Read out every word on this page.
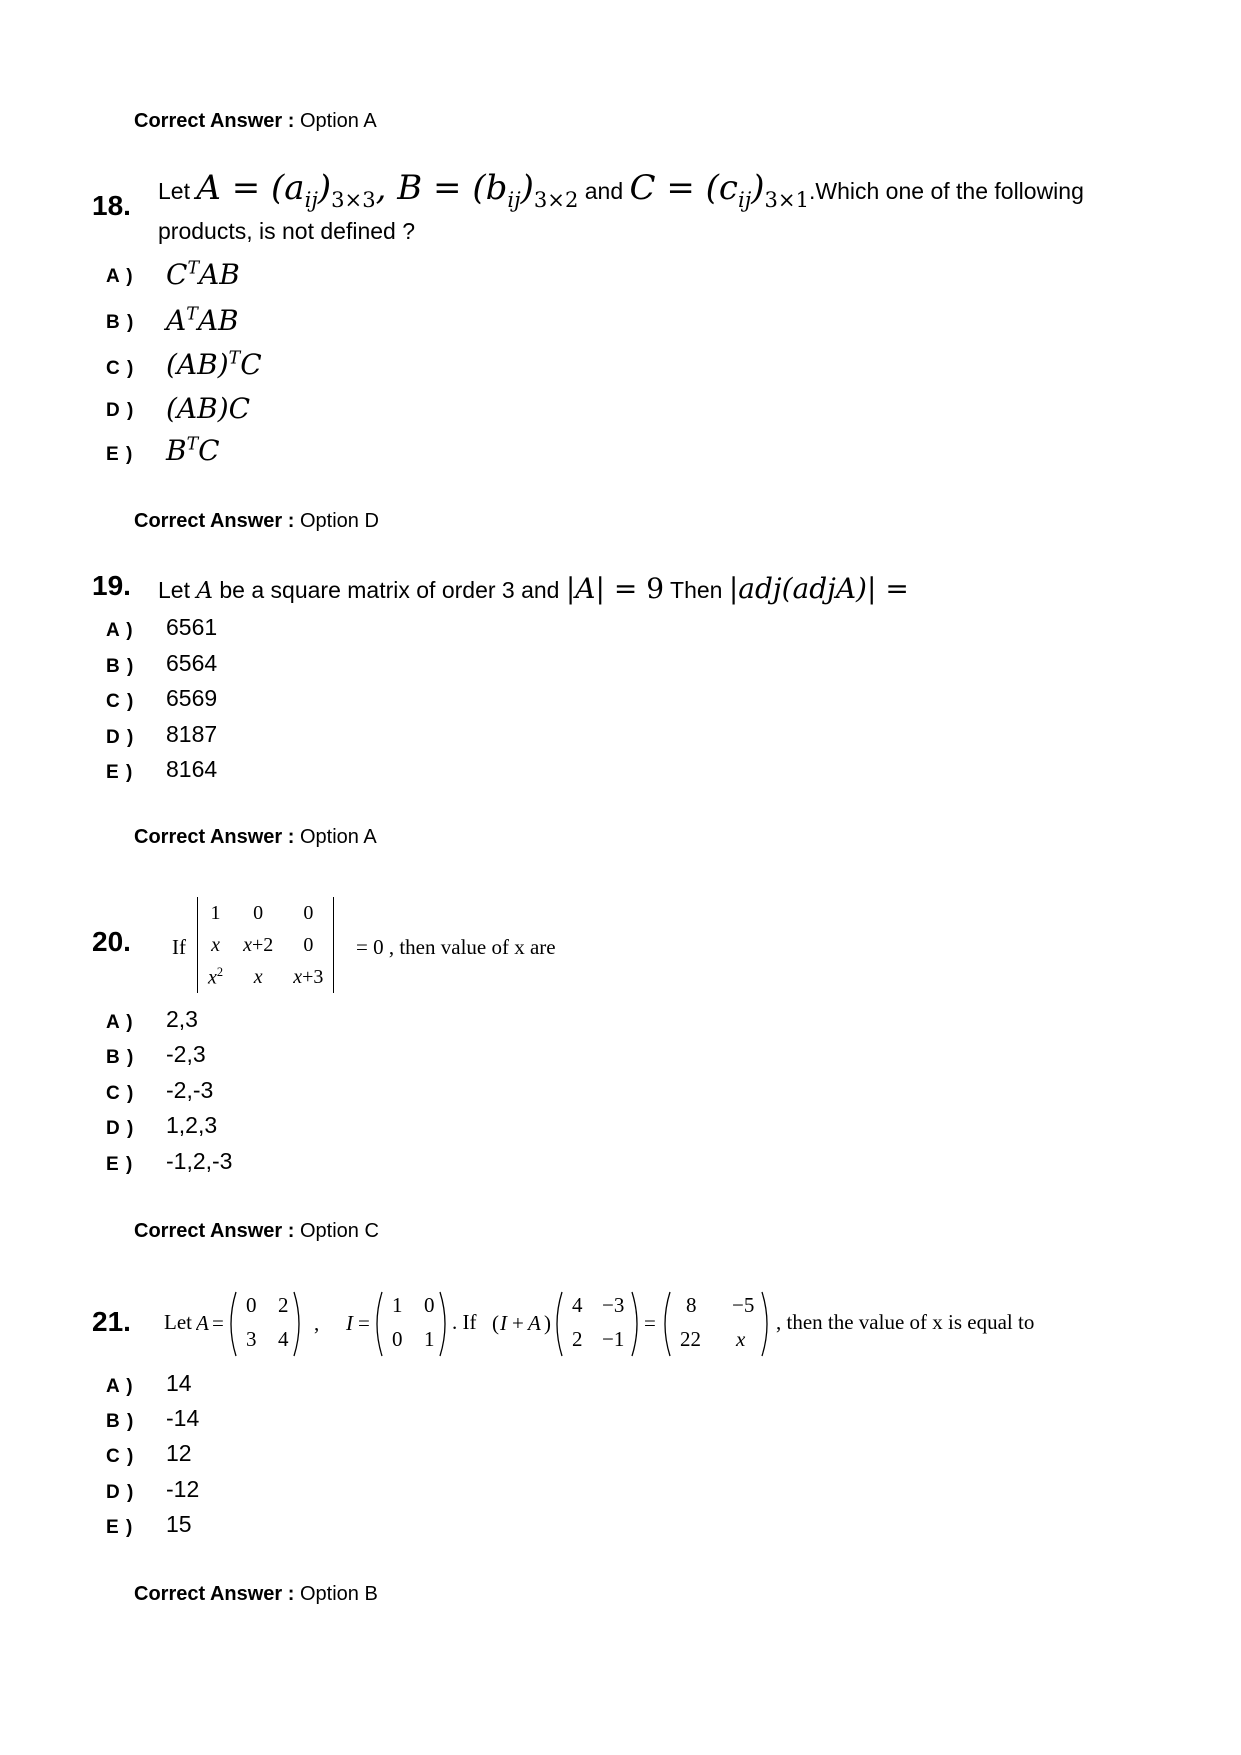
Correct Answer : Option A
18. Let $A = (a_{ij})_{3\times 3}$, $B = (b_{ij})_{3\times 2}$ and $C = (c_{ij})_{3\times 1}.Which$ one of the following
products, is not defined ?
A ) $C^TAB$
B ) $A^TAB$
C ) (AB)$^T$C
D ) (AB)C
E ) $B^TC$
Correct Answer : Option D
19. Let A be a square matrix of order 3 and |A| = 9 Then |adj(adjA)| =
A ) 6561
B ) 6564
C ) 6569
D ) 8187
E ) 8164
Correct Answer : Option A
20. If
1	0	0
x	x+2	0
$x^2$	x	x+3
= 0 , then value of x are
A ) 2,3
B ) -2,3
C ) -2,-3
D ) 1,2,3
E ) -1,2,-3
Correct Answer : Option C
21. Let A =
0 2
3 4
, I =
1 0
0 1
. If ( I + A )
4 −3
2 −1
=
8 −5
22 x
, then the value of x is equal to
A ) 14
B ) -14
C ) 12
D ) -12
E ) 15
Correct Answer : Option B
